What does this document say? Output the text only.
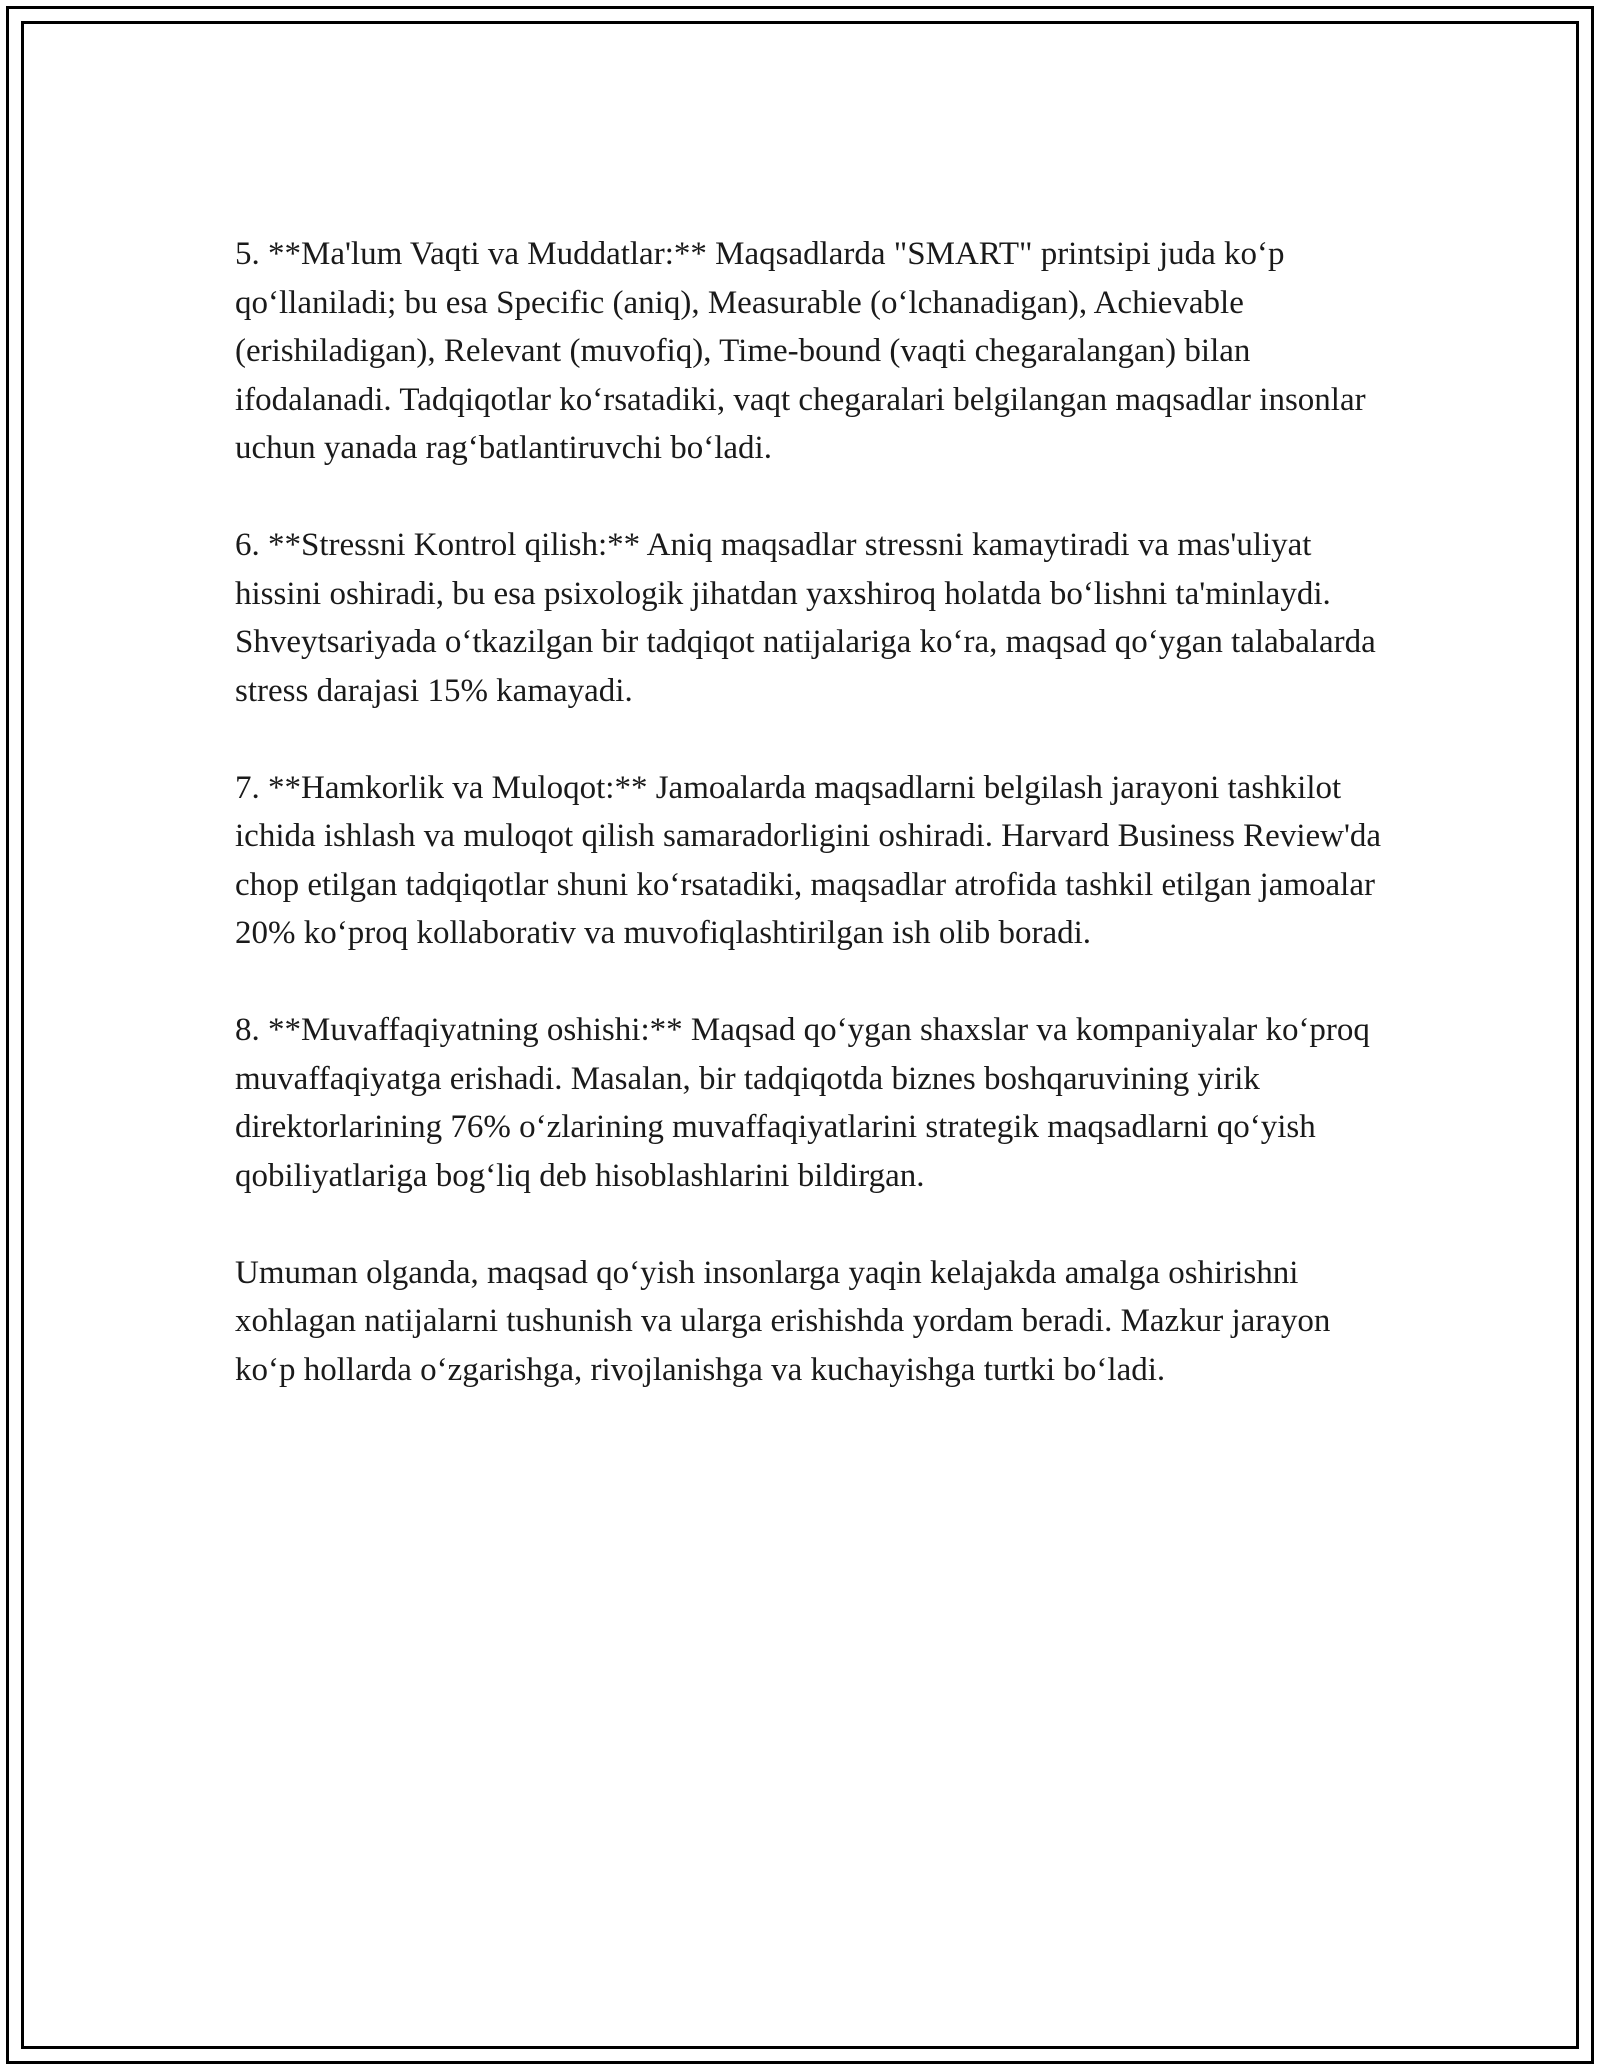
5. **Ma'lum Vaqti va Muddatlar:** Maqsadlarda "SMART" printsipi juda ko‘p qo‘llaniladi; bu esa Specific (aniq), Measurable (o‘lchanadigan), Achievable (erishiladigan), Relevant (muvofiq), Time-bound (vaqti chegaralangan) bilan ifodalanadi. Tadqiqotlar ko‘rsatadiki, vaqt chegaralari belgilangan maqsadlar insonlar uchun yanada rag‘batlantiruvchi bo‘ladi.

6. **Stressni Kontrol qilish:** Aniq maqsadlar stressni kamaytiradi va mas'uliyat hissini oshiradi, bu esa psixologik jihatdan yaxshiroq holatda bo‘lishni ta'minlaydi. Shveytsariyada o‘tkazilgan bir tadqiqot natijalariga ko‘ra, maqsad qo‘ygan talabalarda stress darajasi 15% kamayadi.

7. **Hamkorlik va Muloqot:** Jamoalarda maqsadlarni belgilash jarayoni tashkilot ichida ishlash va muloqot qilish samaradorligini oshiradi. Harvard Business Review'da chop etilgan tadqiqotlar shuni ko‘rsatadiki, maqsadlar atrofida tashkil etilgan jamoalar 20% ko‘proq kollaborativ va muvofiqlashtirilgan ish olib boradi.

8. **Muvaffaqiyatning oshishi:** Maqsad qo‘ygan shaxslar va kompaniyalar ko‘proq muvaffaqiyatga erishadi. Masalan, bir tadqiqotda biznes boshqaruvining yirik direktorlarining 76% o‘zlarining muvaffaqiyatlarini strategik maqsadlarni qo‘yish qobiliyatlariga bog‘liq deb hisoblashlarini bildirgan.

Umuman olganda, maqsad qo‘yish insonlarga yaqin kelajakda amalga oshirishni xohlagan natijalarni tushunish va ularga erishishda yordam beradi. Mazkur jarayon ko‘p hollarda o‘zgarishga, rivojlanishga va kuchayishga turtki bo‘ladi.
